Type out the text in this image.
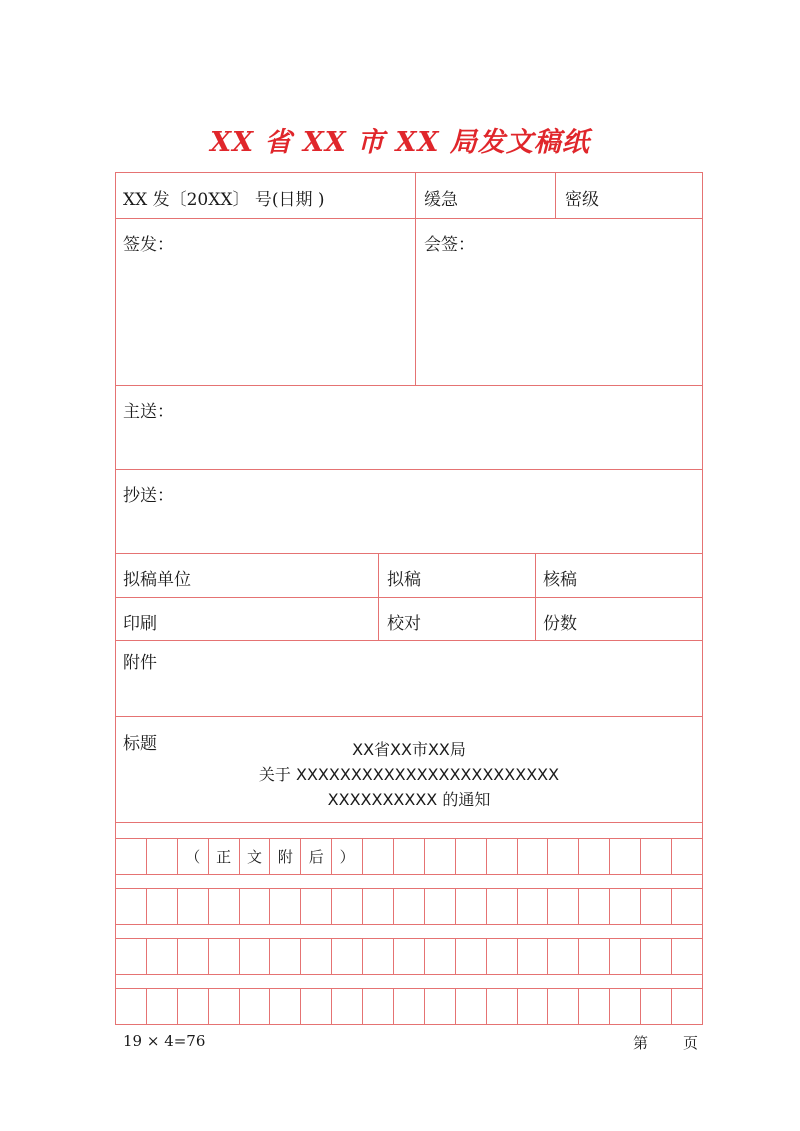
XX 省 XX 市 XX 局发文稿纸
XX 发〔20XX〕 号(日期 )	缓急	密级
签发：	会签：
主送：
抄送：
拟稿单位	拟稿	核稿
印刷	校对	份数
附件
标题	XX省XX市XX局
关于 XXXXXXXXXXXXXXXXXXXXXXXX
XXXXXXXXXX 的通知
（	正	文	附	后	）
19 × 4=76	第 页
